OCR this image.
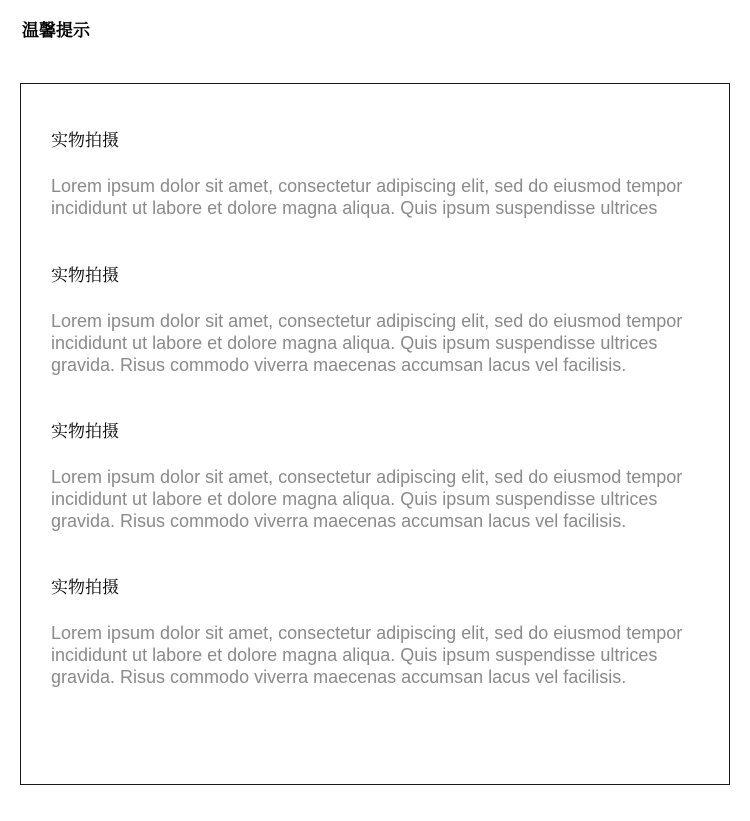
温馨提示
实物拍摄
Lorem ipsum dolor sit amet, consectetur adipiscing elit, sed do eiusmod tempor
incididunt ut labore et dolore magna aliqua. Quis ipsum suspendisse ultrices
实物拍摄
Lorem ipsum dolor sit amet, consectetur adipiscing elit, sed do eiusmod tempor
incididunt ut labore et dolore magna aliqua. Quis ipsum suspendisse ultrices
gravida. Risus commodo viverra maecenas accumsan lacus vel facilisis.
实物拍摄
Lorem ipsum dolor sit amet, consectetur adipiscing elit, sed do eiusmod tempor
incididunt ut labore et dolore magna aliqua. Quis ipsum suspendisse ultrices
gravida. Risus commodo viverra maecenas accumsan lacus vel facilisis.
实物拍摄
Lorem ipsum dolor sit amet, consectetur adipiscing elit, sed do eiusmod tempor
incididunt ut labore et dolore magna aliqua. Quis ipsum suspendisse ultrices
gravida. Risus commodo viverra maecenas accumsan lacus vel facilisis.
